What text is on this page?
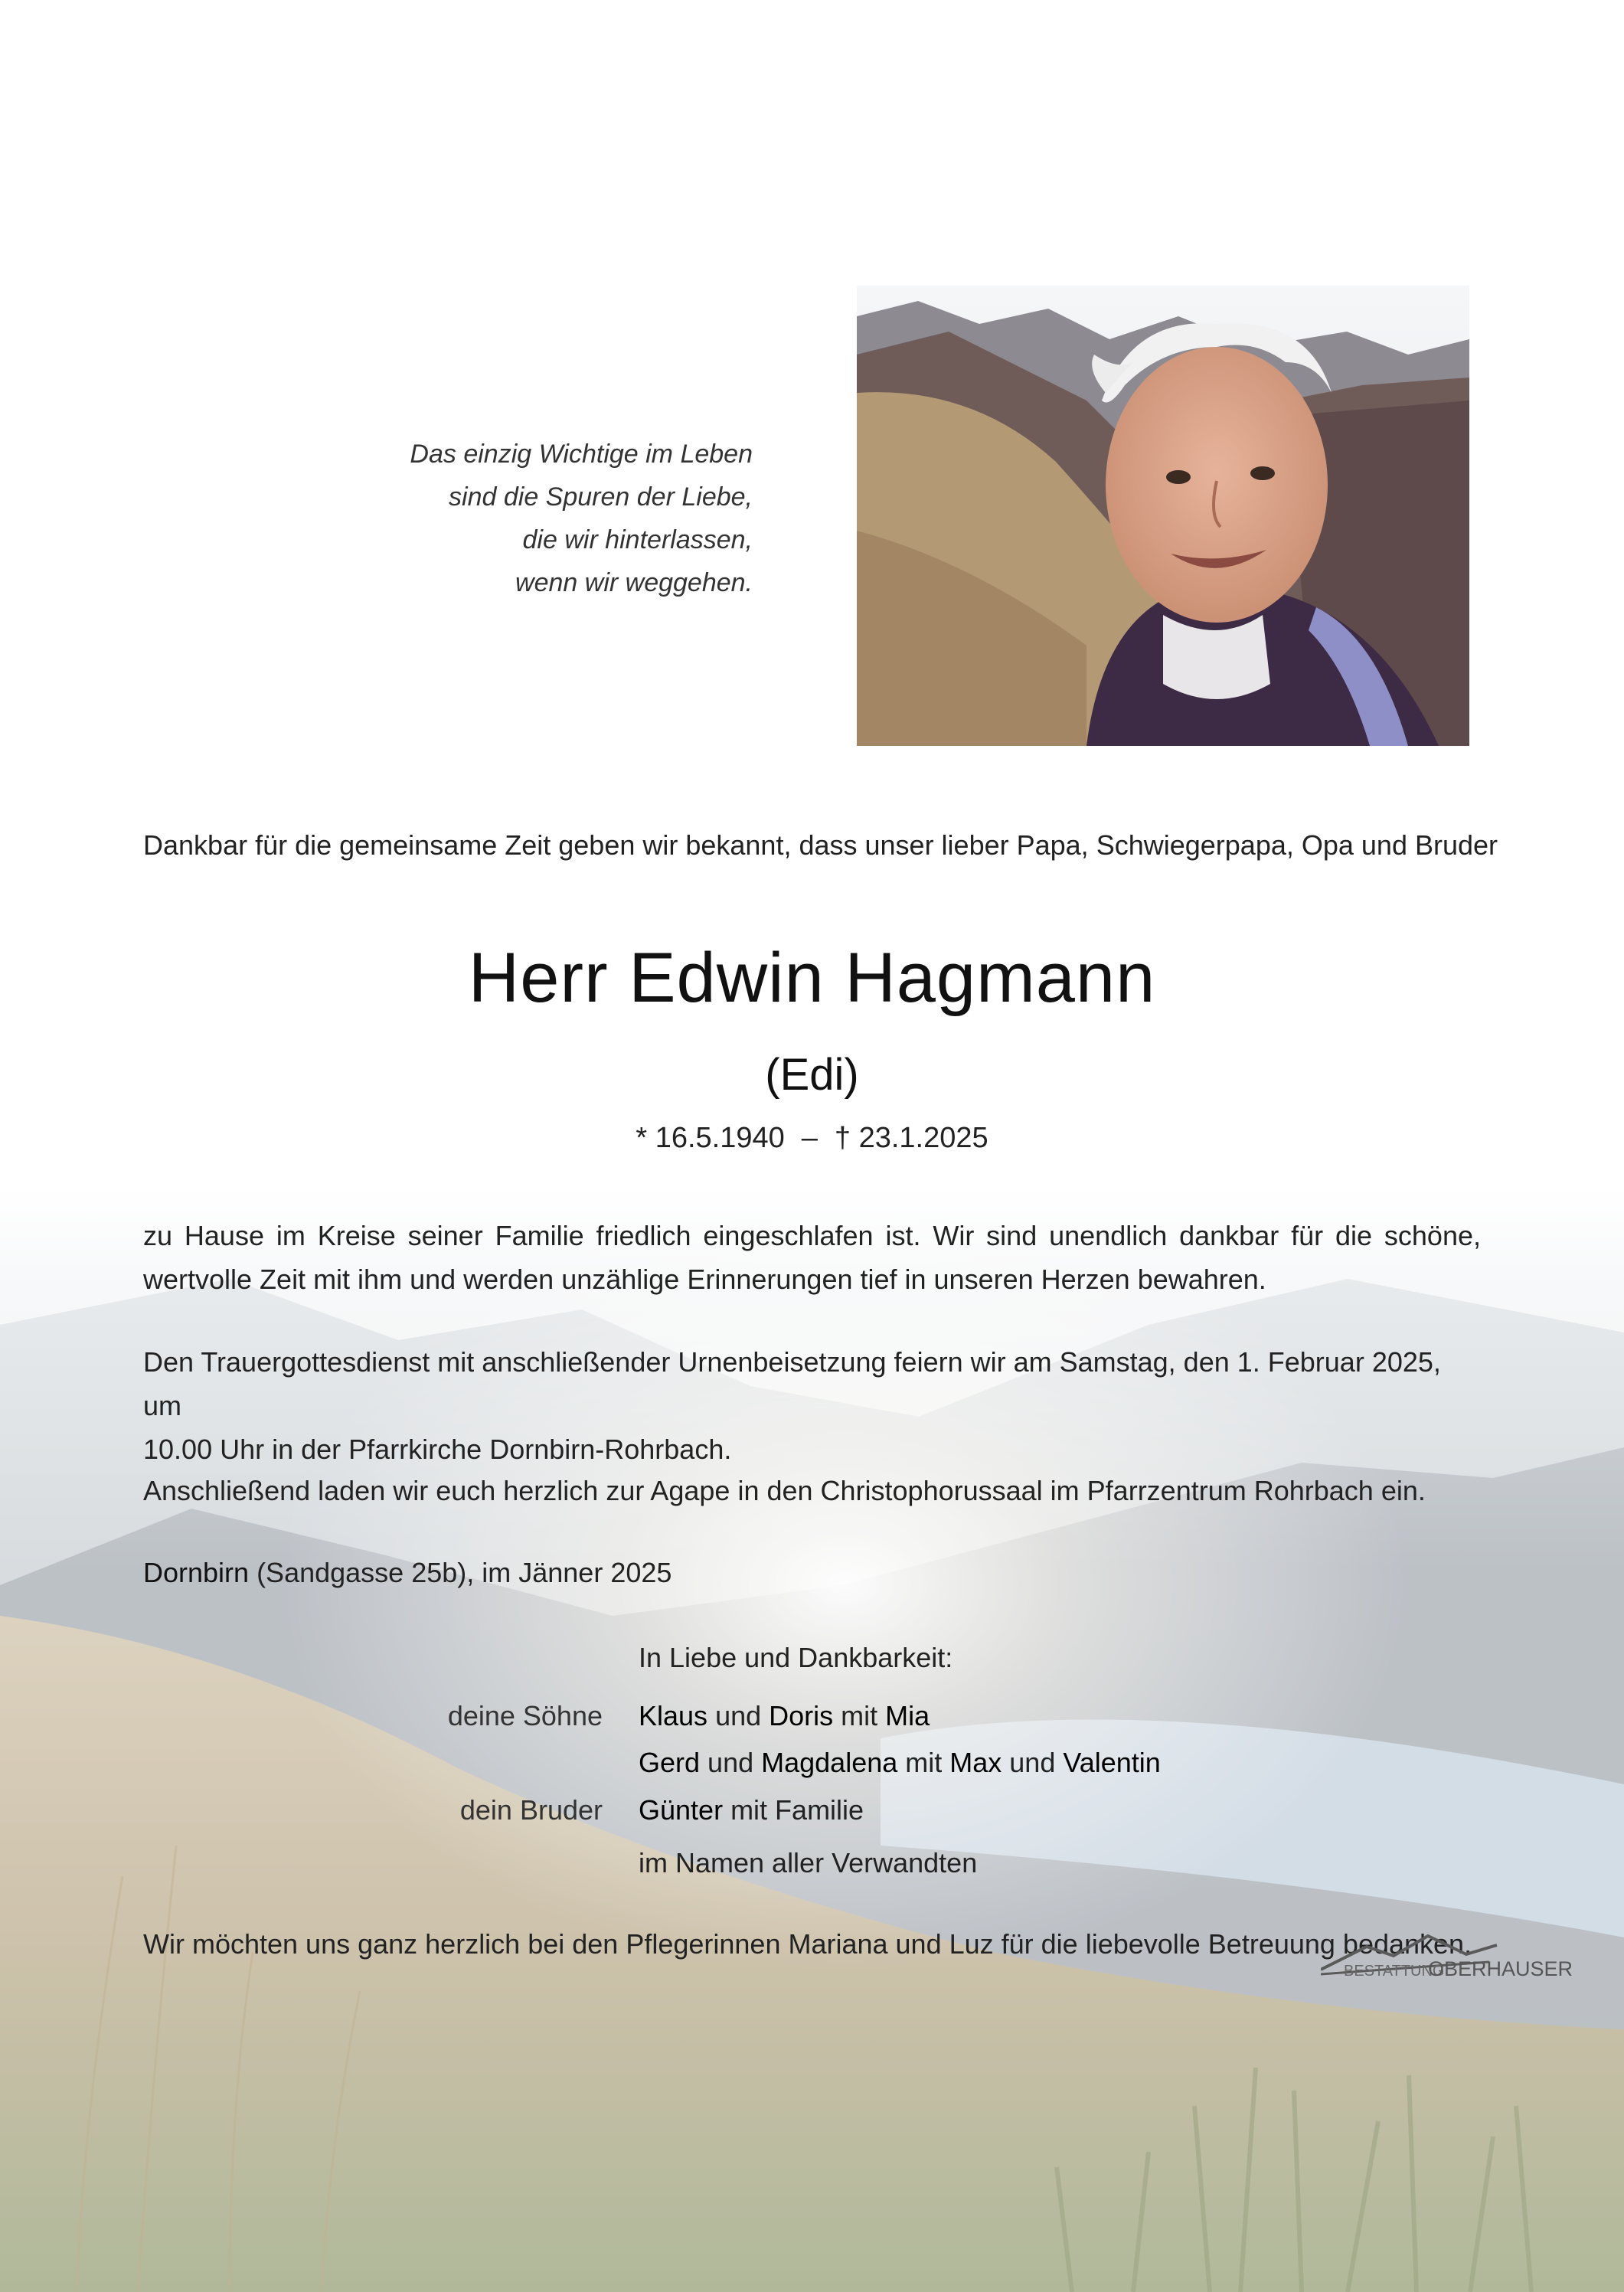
Das einzig Wichtige im Leben
sind die Spuren der Liebe,
die wir hinterlassen,
wenn wir weggehen.
Dankbar für die gemeinsame Zeit geben wir bekannt, dass unser lieber Papa, Schwiegerpapa, Opa und Bruder
Herr Edwin Hagmann
(Edi)
* 16.5.1940 – † 23.1.2025
zu Hause im Kreise seiner Familie friedlich eingeschlafen ist. Wir sind unendlich dankbar für die schöne, wertvolle Zeit mit ihm und werden unzählige Erinnerungen tief in unseren Herzen bewahren.
Den Trauergottesdienst mit anschließender Urnenbeisetzung feiern wir am Samstag, den 1. Februar 2025, um
10.00 Uhr in der Pfarrkirche Dornbirn-Rohrbach.
Anschließend laden wir euch herzlich zur Agape in den Christophorussaal im Pfarrzentrum Rohrbach ein.
Dornbirn (Sandgasse 25b), im Jänner 2025
In Liebe und Dankbarkeit:
deine Söhne Klaus und Doris mit Mia
Gerd und Magdalena mit Max und Valentin
dein Bruder Günter mit Familie
im Namen aller Verwandten
Wir möchten uns ganz herzlich bei den Pflegerinnen Mariana und Luz für die liebevolle Betreuung bedanken.
BESTATTUNG
OBERHAUSER
